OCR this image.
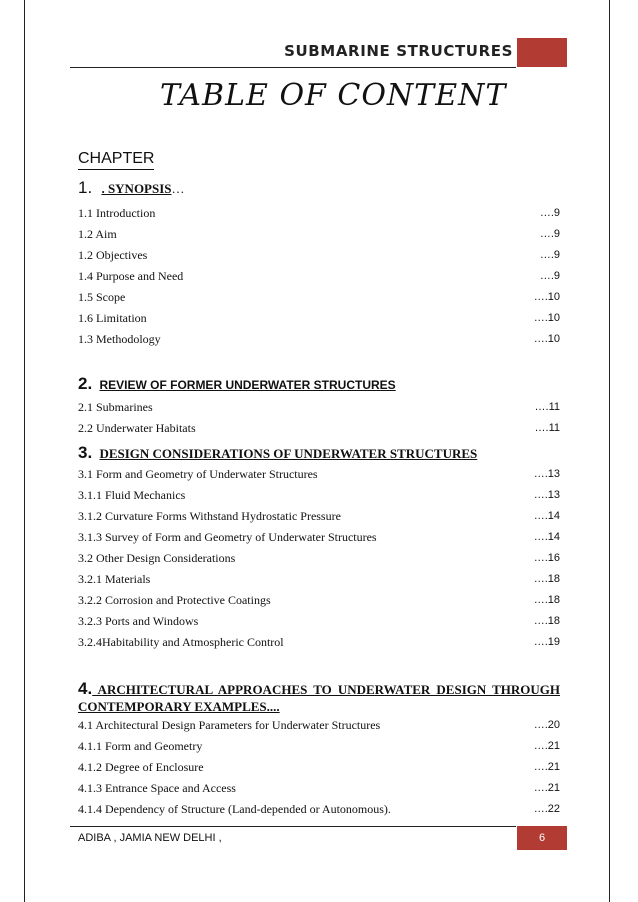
SUBMARINE STRUCTURES
TABLE OF CONTENT
CHAPTER
1. . SYNOPSIS…
1.1 Introduction	….9
1.2 Aim	….9
1.2 Objectives	….9
1.4 Purpose and Need	….9
1.5 Scope	….10
1.6 Limitation	….10
1.3 Methodology	….10
2. REVIEW OF FORMER UNDERWATER STRUCTURES
2.1 Submarines	….11
2.2 Underwater Habitats	….11
3. DESIGN CONSIDERATIONS OF UNDERWATER STRUCTURES
3.1 Form and Geometry of Underwater Structures	….13
3.1.1 Fluid Mechanics	….13
3.1.2 Curvature Forms Withstand Hydrostatic Pressure	….14
3.1.3 Survey of Form and Geometry of Underwater Structures	….14
3.2 Other Design Considerations	….16
3.2.1 Materials	….18
3.2.2 Corrosion and Protective Coatings	….18
3.2.3 Ports and Windows	….18
3.2.4Habitability and Atmospheric Control	….19
4. ARCHITECTURAL APPROACHES TO UNDERWATER DESIGN THROUGH CONTEMPORARY EXAMPLES....
4.1 Architectural Design Parameters for Underwater Structures	….20
4.1.1 Form and Geometry	….21
4.1.2 Degree of Enclosure	….21
4.1.3 Entrance Space and Access	….21
4.1.4 Dependency of Structure (Land-depended or Autonomous).	….22
ADIBA , JAMIA NEW DELHI ,	6
